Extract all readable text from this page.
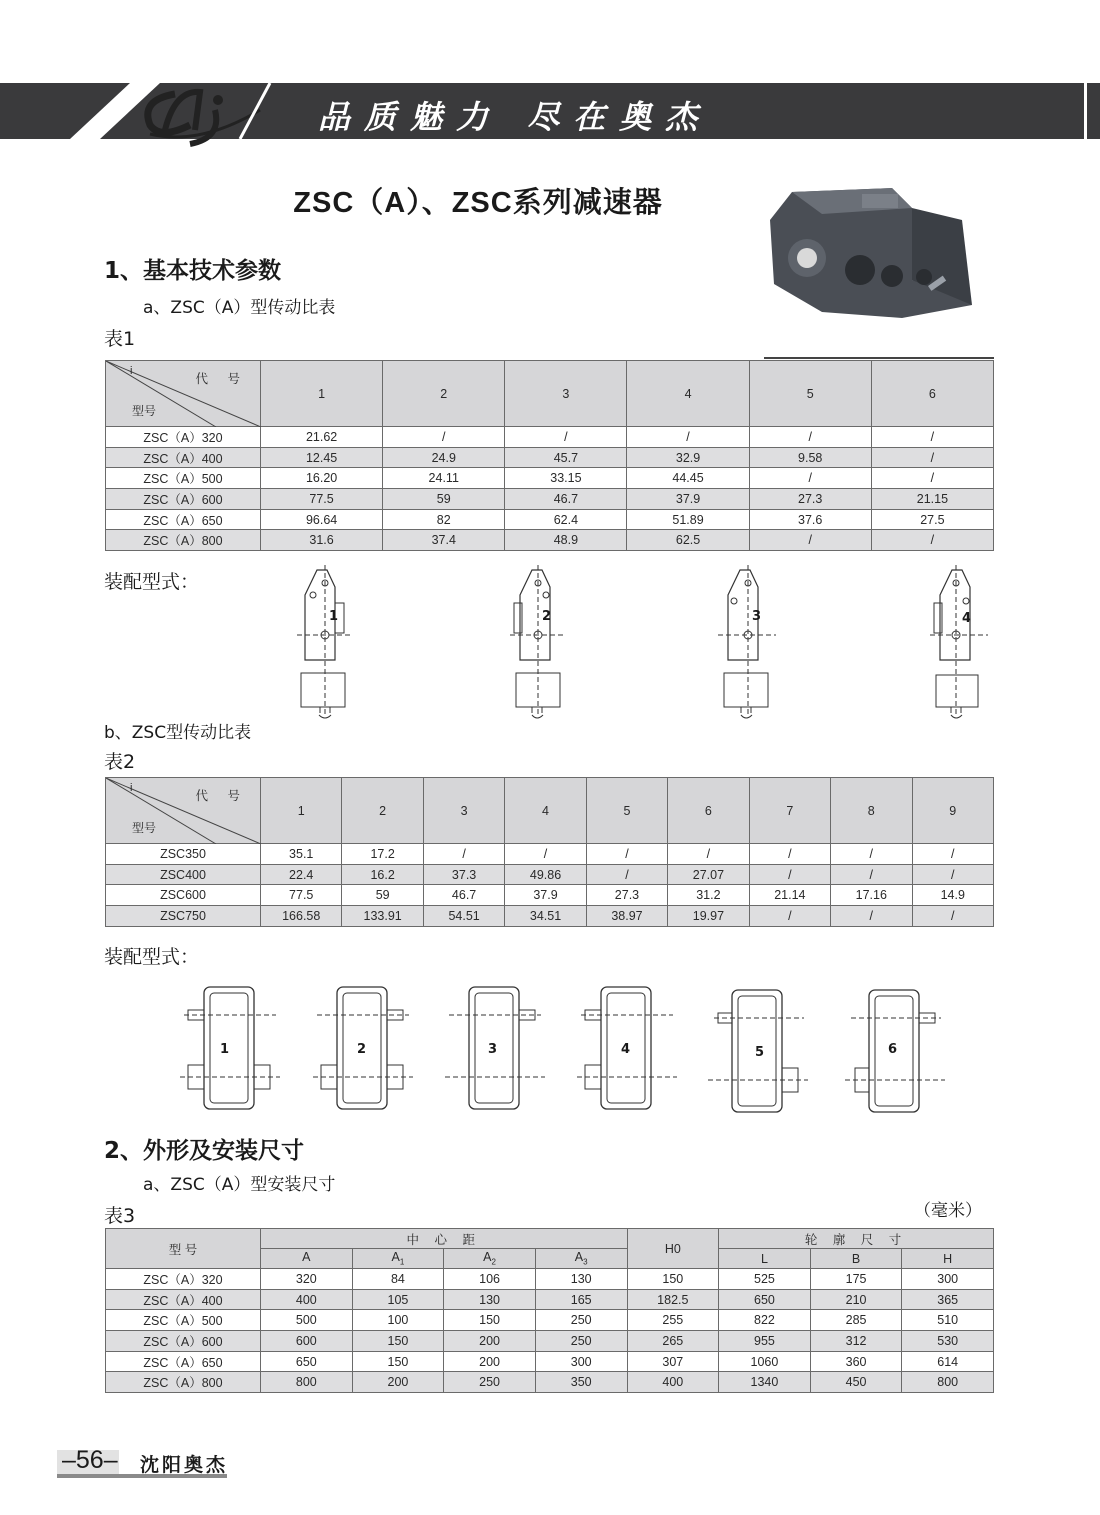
品质魅力 尽在奥杰
ZSC（A）、ZSC系列减速器
1、基本技术参数
a、ZSC（A）型传动比表
表1
i
代 号
型号	1	2	3	4	5	6
ZSC（A）320	21.62	/	/	/	/	/
ZSC（A）400	12.45	24.9	45.7	32.9	9.58	/
ZSC（A）500	16.20	24.11	33.15	44.45	/	/
ZSC（A）600	77.5	59	46.7	37.9	27.3	21.15
ZSC（A）650	96.64	82	62.4	51.89	37.6	27.5
ZSC（A）800	31.6	37.4	48.9	62.5	/	/
装配型式：
1	2	3	4
b、ZSC型传动比表
表2
i
代 号
型号	1	2	3	4	5	6	7	8	9
ZSC350	35.1	17.2	/	/	/	/	/	/	/
ZSC400	22.4	16.2	37.3	49.86	/	27.07	/	/	/
ZSC600	77.5	59	46.7	37.9	27.3	31.2	21.14	17.16	14.9
ZSC750	166.58	133.91	54.51	34.51	38.97	19.97	/	/	/
装配型式：
1	2	3	4	5	6
2、外形及安装尺寸
a、ZSC（A）型安装尺寸
表3	（毫米）
型 号	中 心 距				H0	轮 廓 尺 寸		
	A	$A_1$	$A_2$	$A_3$		L	B	H
ZSC（A）320	320	84	106	130	150	525	175	300
ZSC（A）400	400	105	130	165	182.5	650	210	365
ZSC（A）500	500	100	150	250	255	822	285	510
ZSC（A）600	600	150	200	250	265	955	312	530
ZSC（A）650	650	150	200	300	307	1060	360	614
ZSC（A）800	800	200	250	350	400	1340	450	800
–56– 沈阳奥杰
